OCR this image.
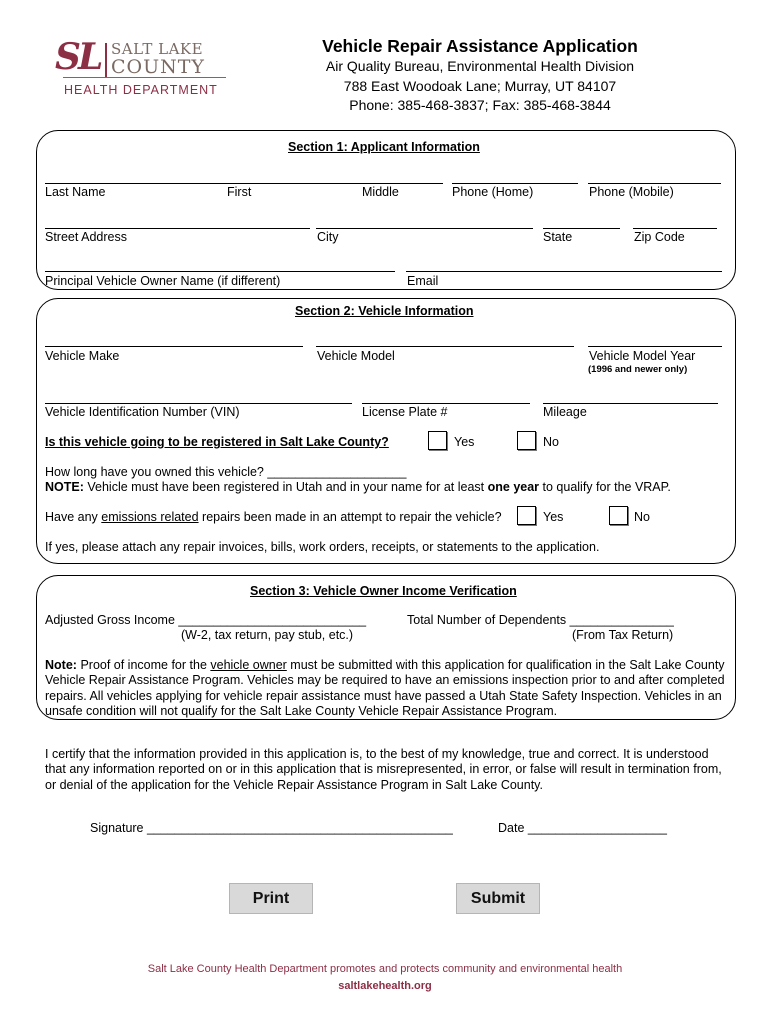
SL SALT LAKE
COUNTY
HEALTH DEPARTMENT
Vehicle Repair Assistance Application
Air Quality Bureau, Environmental Health Division
788 East Woodoak Lane; Murray, UT 84107
Phone: 385-468-3837; Fax: 385-468-3844
Section 1: Applicant Information
Last Name	First	Middle	Phone (Home)	Phone (Mobile)
Street Address	City	State	Zip Code
Principal Vehicle Owner Name (if different)	Email
Section 2: Vehicle Information
Vehicle Make	Vehicle Model	Vehicle Model Year
(1996 and newer only)
Vehicle Identification Number (VIN)	License Plate #	Mileage
Is this vehicle going to be registered in Salt Lake County?	Yes	No
How long have you owned this vehicle? ____________________
NOTE: Vehicle must have been registered in Utah and in your name for at least one year to qualify for the VRAP.
Have any emissions related repairs been made in an attempt to repair the vehicle?	Yes	No
If yes, please attach any repair invoices, bills, work orders, receipts, or statements to the application.
Section 3: Vehicle Owner Income Verification
Adjusted Gross Income ___________________________
(W-2, tax return, pay stub, etc.)
Total Number of Dependents _______________
(From Tax Return)
Note: Proof of income for the vehicle owner must be submitted with this application for qualification in the Salt Lake County Vehicle Repair Assistance Program. Vehicles may be required to have an emissions inspection prior to and after completed repairs. All vehicles applying for vehicle repair assistance must have passed a Utah State Safety Inspection. Vehicles in an unsafe condition will not qualify for the Salt Lake County Vehicle Repair Assistance Program.
I certify that the information provided in this application is, to the best of my knowledge, true and correct. It is understood that any information reported on or in this application that is misrepresented, in error, or false will result in termination from, or denial of the application for the Vehicle Repair Assistance Program in Salt Lake County.
Signature ____________________________________________	Date ____________________
Print	Submit
Salt Lake County Health Department promotes and protects community and environmental health
saltlakehealth.org
